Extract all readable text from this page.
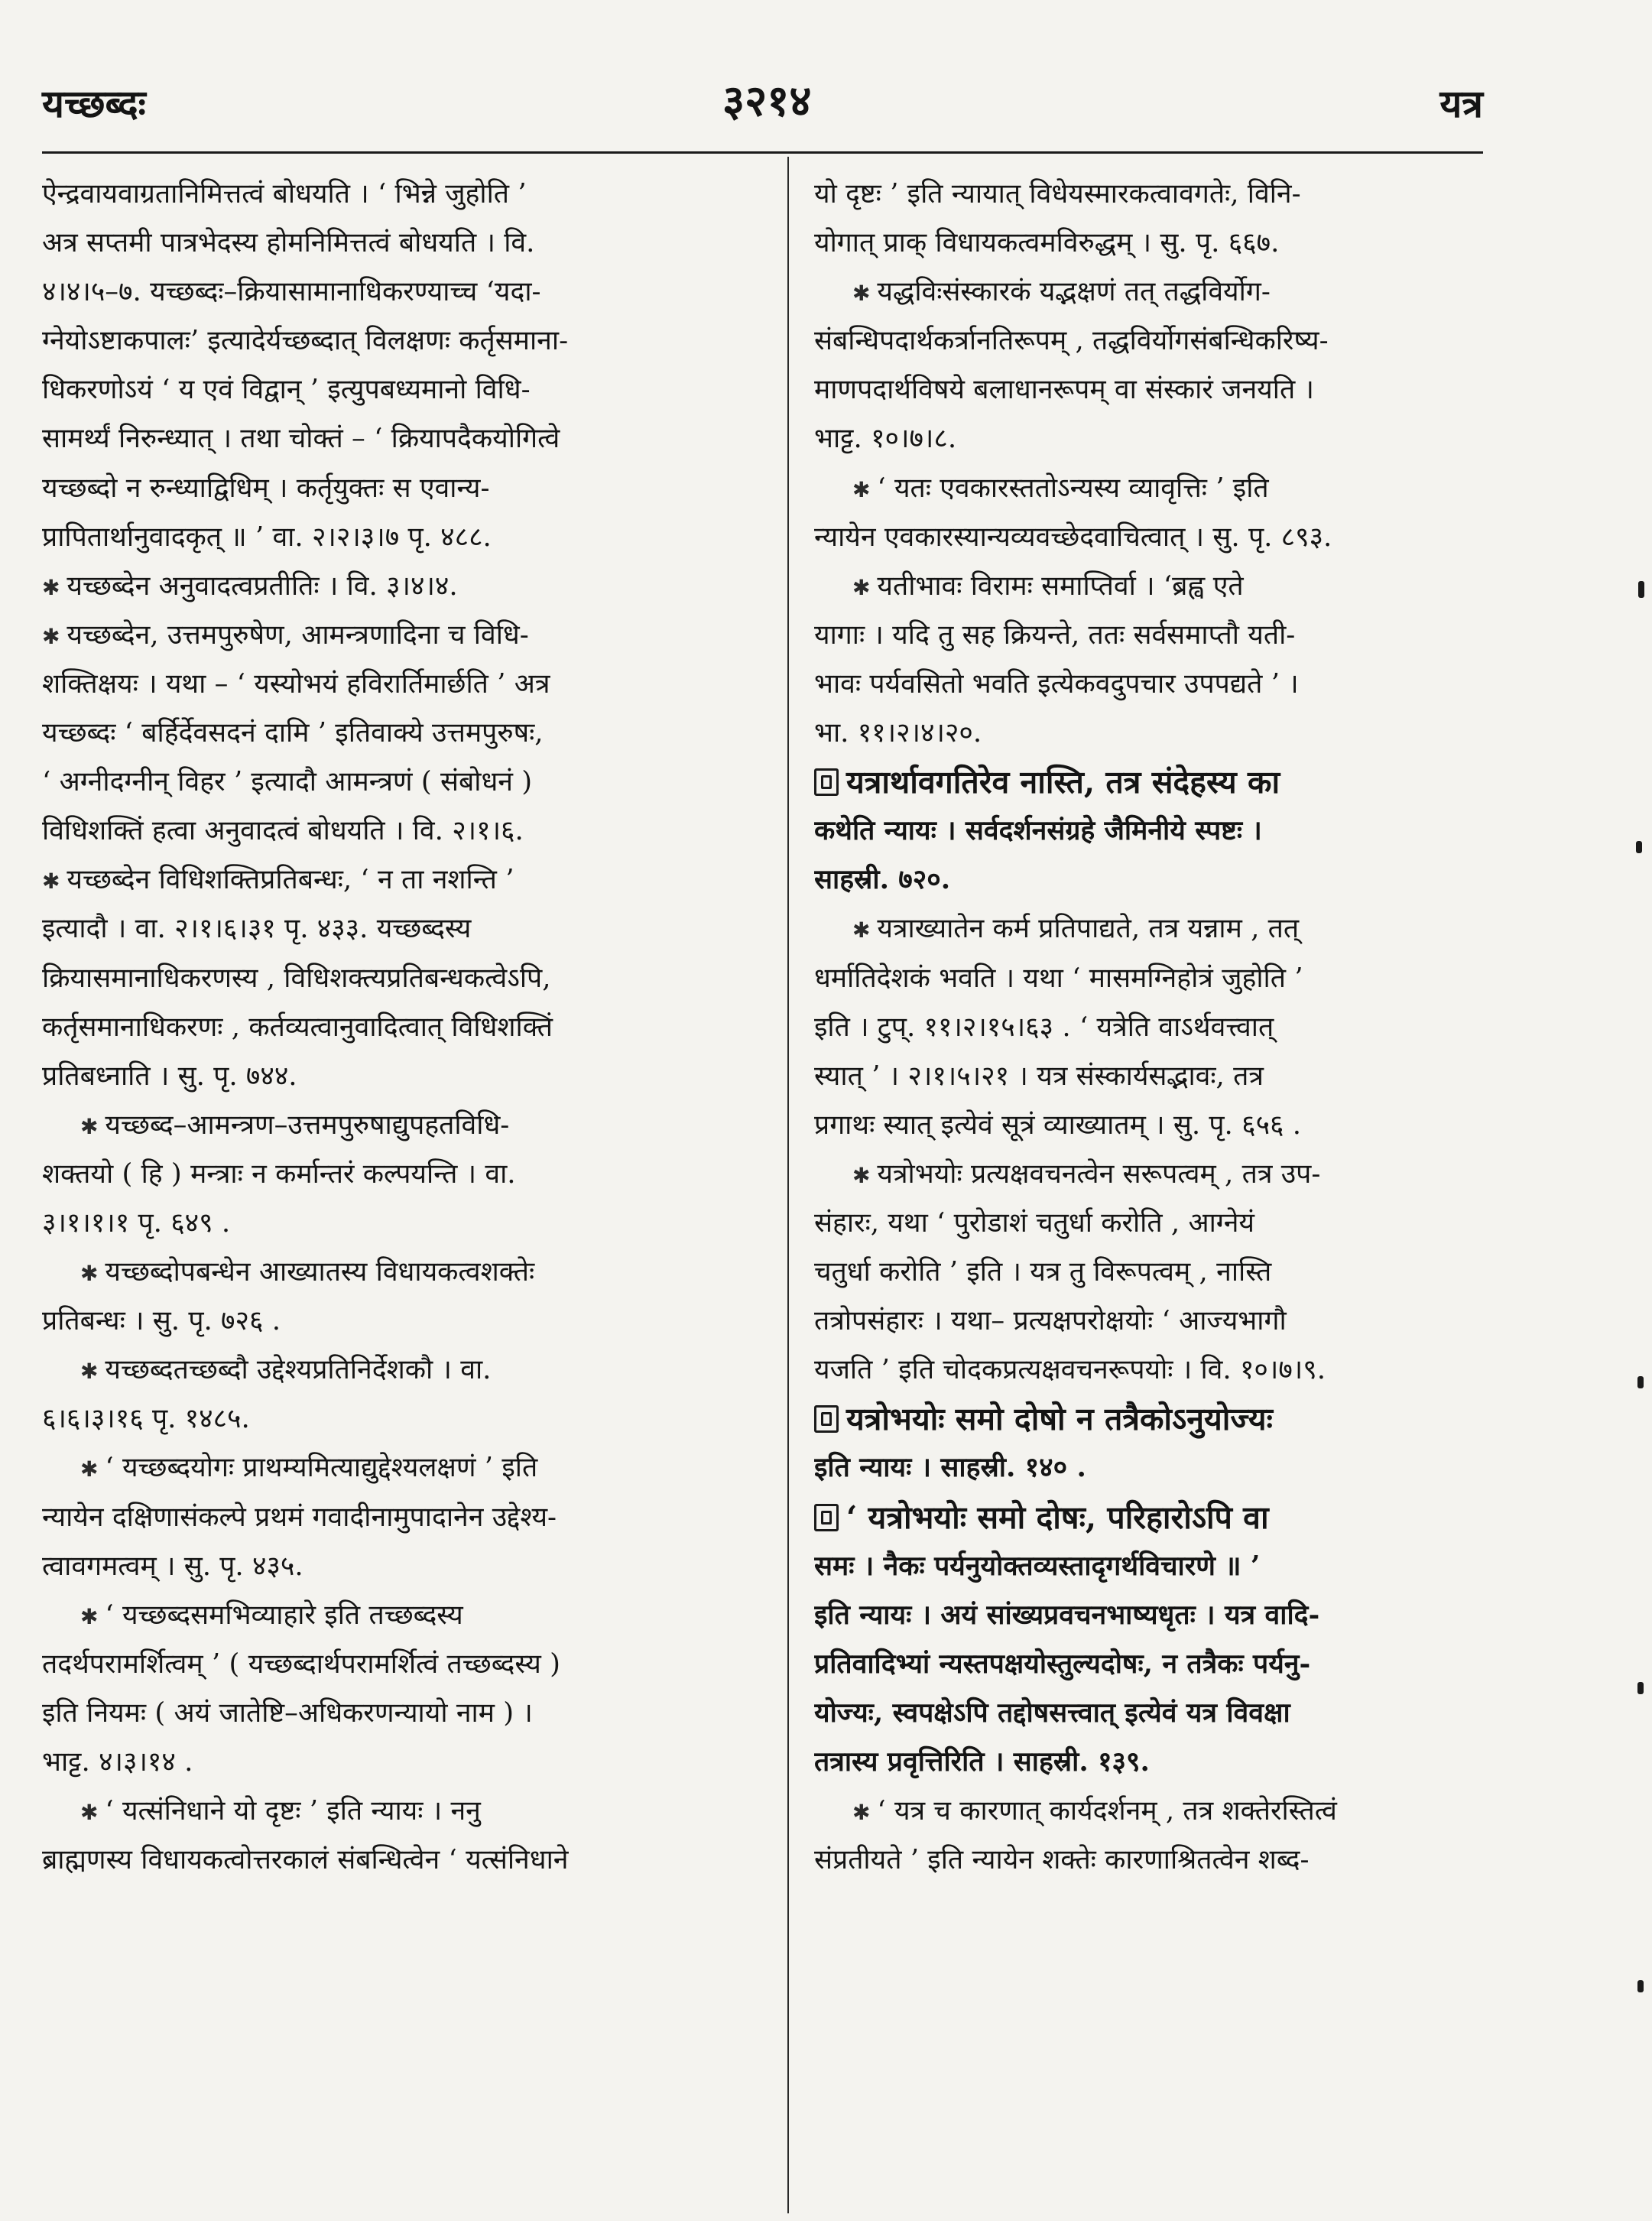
यच्छब्दः	३२१४	यत्र
ऐन्द्रवायवाग्रतानिमित्तत्वं बोधयति । ‘ भिन्ने जुहोति ’
अत्र सप्तमी पात्रभेदस्य होमनिमित्तत्वं बोधयति । वि.
४।४।५–७. यच्छब्दः–क्रियासामानाधिकरण्याच्च ‘यदा-
ग्नेयोऽष्टाकपालः’ इत्यादेर्यच्छब्दात् विलक्षणः कर्तृसमाना-
धिकरणोऽयं ‘ य एवं विद्वान् ’ इत्युपबध्यमानो विधि-
सामर्थ्यं निरुन्ध्यात् । तथा चोक्तं – ‘ क्रियापदैकयोगित्वे
यच्छब्दो न रुन्ध्याद्विधिम् । कर्तृयुक्तः स एवान्य-
प्रापितार्थानुवादकृत् ॥ ’ वा. २।२।३।७ पृ. ४८८.
✱ यच्छब्देन अनुवादत्वप्रतीतिः । वि. ३।४।४.
✱ यच्छब्देन, उत्तमपुरुषेण, आमन्त्रणादिना च विधि-
शक्तिक्षयः । यथा – ‘ यस्योभयं हविरार्तिमार्छति ’ अत्र
यच्छब्दः ‘ बर्हिर्देवसदनं दामि ’ इतिवाक्ये उत्तमपुरुषः,
‘ अग्नीदग्नीन् विहर ’ इत्यादौ आमन्त्रणं ( संबोधनं )
विधिशक्तिं हत्वा अनुवादत्वं बोधयति । वि. २।१।६.
✱ यच्छब्देन विधिशक्तिप्रतिबन्धः, ‘ न ता नशन्ति ’
इत्यादौ । वा. २।१।६।३१ पृ. ४३३. यच्छब्दस्य
क्रियासमानाधिकरणस्य , विधिशक्त्यप्रतिबन्धकत्वेऽपि,
कर्तृसमानाधिकरणः , कर्तव्यत्वानुवादित्वात् विधिशक्तिं
प्रतिबध्नाति । सु. पृ. ७४४.
✱ यच्छब्द–आमन्त्रण–उत्तमपुरुषाद्युपहतविधि-
शक्तयो ( हि ) मन्त्राः न कर्मान्तरं कल्पयन्ति । वा.
३।१।१।१ पृ. ६४९ .
✱ यच्छब्दोपबन्धेन आख्यातस्य विधायकत्वशक्तेः
प्रतिबन्धः । सु. पृ. ७२६ .
✱ यच्छब्दतच्छब्दौ उद्देश्यप्रतिनिर्देशकौ । वा.
६।६।३।१६ पृ. १४८५.
✱ ‘ यच्छब्दयोगः प्राथम्यमित्याद्युद्देश्यलक्षणं ’ इति
न्यायेन दक्षिणासंकल्पे प्रथमं गवादीनामुपादानेन उद्देश्य-
त्वावगमत्वम् । सु. पृ. ४३५.
✱ ‘ यच्छब्दसमभिव्याहारे इति तच्छब्दस्य
तदर्थपरामर्शित्वम् ’ ( यच्छब्दार्थपरामर्शित्वं तच्छब्दस्य )
इति नियमः ( अयं जातेष्टि–अधिकरणन्यायो नाम ) ।
भाट्ट. ४।३।१४ .
✱ ‘ यत्संनिधाने यो दृष्टः ’ इति न्यायः । ननु
ब्राह्मणस्य विधायकत्वोत्तरकालं संबन्धित्वेन ‘ यत्संनिधाने
यो दृष्टः ’ इति न्यायात् विधेयस्मारकत्वावगतेः, विनि-
योगात् प्राक् विधायकत्वमविरुद्धम् । सु. पृ. ६६७.
✱ यद्धविःसंस्कारकं यद्भक्षणं तत् तद्धविर्योग-
संबन्धिपदार्थकर्त्रानतिरूपम् , तद्धविर्योगसंबन्धिकरिष्य-
माणपदार्थविषये बलाधानरूपम् वा संस्कारं जनयति ।
भाट्ट. १०।७।८.
✱ ‘ यतः एवकारस्ततोऽन्यस्य व्यावृत्तिः ’ इति
न्यायेन एवकारस्यान्यव्यवच्छेदवाचित्वात् । सु. पृ. ८९३.
✱ यतीभावः विरामः समाप्तिर्वा । ‘ब्रह्व एते
यागाः । यदि तु सह क्रियन्ते, ततः सर्वसमाप्तौ यती-
भावः पर्यवसितो भवति इत्येकवदुपचार उपपद्यते ’ ।
भा. ११।२।४।२०.
यत्रार्थावगतिरेव नास्ति, तत्र संदेहस्य का
कथेति न्यायः । सर्वदर्शनसंग्रहे जैमिनीये स्पष्टः ।
साहस्री. ७२०.
✱ यत्राख्यातेन कर्म प्रतिपाद्यते, तत्र यन्नाम , तत्
धर्मातिदेशकं भवति । यथा ‘ मासमग्निहोत्रं जुहोति ’
इति । टुप्. ११।२।१५।६३ . ‘ यत्रेति वाऽर्थवत्त्वात्
स्यात् ’ । २।१।५।२१ । यत्र संस्कार्यसद्भावः, तत्र
प्रगाथः स्यात् इत्येवं सूत्रं व्याख्यातम् । सु. पृ. ६५६ .
✱ यत्रोभयोः प्रत्यक्षवचनत्वेन सरूपत्वम् , तत्र उप-
संहारः, यथा ‘ पुरोडाशं चतुर्धा करोति , आग्नेयं
चतुर्धा करोति ’ इति । यत्र तु विरूपत्वम् , नास्ति
तत्रोपसंहारः । यथा– प्रत्यक्षपरोक्षयोः ‘ आज्यभागौ
यजति ’ इति चोदकप्रत्यक्षवचनरूपयोः । वि. १०।७।९.
यत्रोभयोः समो दोषो न तत्रैकोऽनुयोज्यः
इति न्यायः । साहस्री. १४० .
‘ यत्रोभयोः समो दोषः, परिहारोऽपि वा
समः । नैकः पर्यनुयोक्तव्यस्तादृगर्थविचारणे ॥ ’
इति न्यायः । अयं सांख्यप्रवचनभाष्यधृतः । यत्र वादि-
प्रतिवादिभ्यां न्यस्तपक्षयोस्तुल्यदोषः, न तत्रैकः पर्यनु-
योज्यः, स्वपक्षेऽपि तद्दोषसत्त्वात् इत्येवं यत्र विवक्षा
तत्रास्य प्रवृत्तिरिति । साहस्री. १३९.
✱ ‘ यत्र च कारणात् कार्यदर्शनम् , तत्र शक्तेरस्तित्वं
संप्रतीयते ’ इति न्यायेन शक्तेः कारणाश्रितत्वेन शब्द-
